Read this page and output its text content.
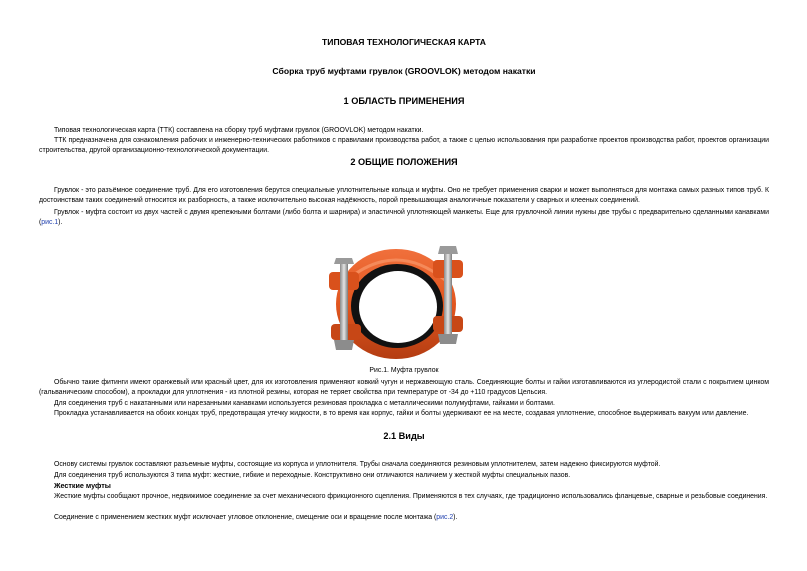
ТИПОВАЯ ТЕХНОЛОГИЧЕСКАЯ КАРТА
Сборка труб муфтами грувлок (GROOVLOK) методом накатки
1 ОБЛАСТЬ ПРИМЕНЕНИЯ
Типовая технологическая карта (ТТК) составлена на сборку труб муфтами грувлок (GROOVLOK) методом накатки.
ТТК предназначена для ознакомления рабочих и инженерно-технических работников с правилами производства работ, а также с целью использования при разработке проектов производства работ, проектов организации строительства, другой организационно-технологической документации.
2 ОБЩИЕ ПОЛОЖЕНИЯ
Грувлок - это разъёмное соединение труб. Для его изготовления берутся специальные уплотнительные кольца и муфты. Оно не требует применения сварки и может выполняться для монтажа самых разных типов труб. К достоинствам таких соединений относится их разборность, а также исключительно высокая надёжность, порой превышающая аналогичные показатели у сварных и клееных соединений.
Грувлок - муфта состоит из двух частей с двумя крепежными болтами (либо болта и шарнира) и эластичной уплотняющей манжеты. Еще для грувлочной линии нужны две трубы с предварительно сделанными канавками (рис.1).
Рис.1. Муфта грувлок
Обычно такие фитинги имеют оранжевый или красный цвет, для их изготовления применяют ковкий чугун и нержавеющую сталь. Соединяющие болты и гайки изготавливаются из углеродистой стали с покрытием цинком (гальваническим способом), а прокладки для уплотнения - из плотной резины, которая не теряет свойства при температуре от -34 до +110 градусов Цельсия.
Для соединения труб с накатанными или нарезанными канавками используется резиновая прокладка с металлическими полумуфтами, гайками и болтами.
Прокладка устанавливается на обоих концах труб, предотвращая утечку жидкости, в то время как корпус, гайки и болты удерживают ее на месте, создавая уплотнение, способное выдерживать вакуум или давление.
2.1 Виды
Основу системы грувлок составляют разъемные муфты, состоящие из корпуса и уплотнителя. Трубы сначала соединяются резиновым уплотнителем, затем надежно фиксируются муфтой.
Для соединения труб используются 3 типа муфт: жесткие, гибкие и переходные. Конструктивно они отличаются наличием у жесткой муфты специальных пазов.
Жесткие муфты
Жесткие муфты сообщают прочное, недвижимое соединение за счет механического фрикционного сцепления. Применяются в тех случаях, где традиционно использовались фланцевые, сварные и резьбовые соединения.
Соединение с применением жестких муфт исключает угловое отклонение, смещение оси и вращение после монтажа (рис.2).
